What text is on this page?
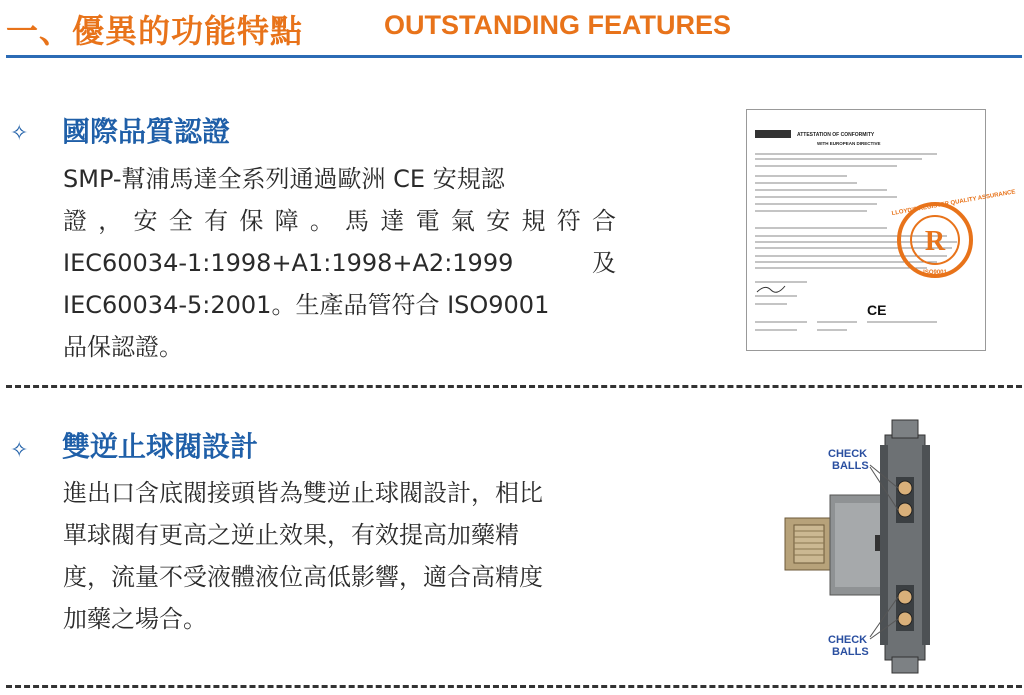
一、優異的功能特點	OUTSTANDING FEATURES
✧ 國際品質認證
SMP-幫浦馬達全系列通過歐洲 CE 安規認
證 ， 安 全 有 保 障 。 馬 達 電 氣 安 規 符 合
IEC60034-1:1998+A1:1998+A2:1999	及
IEC60034-5:2001。生產品管符合 ISO9001
品保認證。
ATTESTATION OF CONFORMITY
WITH EUROPEAN DIRECTIVE
R
ISO9001
LLOYD'S REGISTER QUALITY ASSURANCE
CE
✧ 雙逆止球閥設計
進出口含底閥接頭皆為雙逆止球閥設計，相比
單球閥有更高之逆止效果，有效提高加藥精
度，流量不受液體液位高低影響，適合高精度
加藥之場合。
CHECK
BALLS
CHECK
BALLS
